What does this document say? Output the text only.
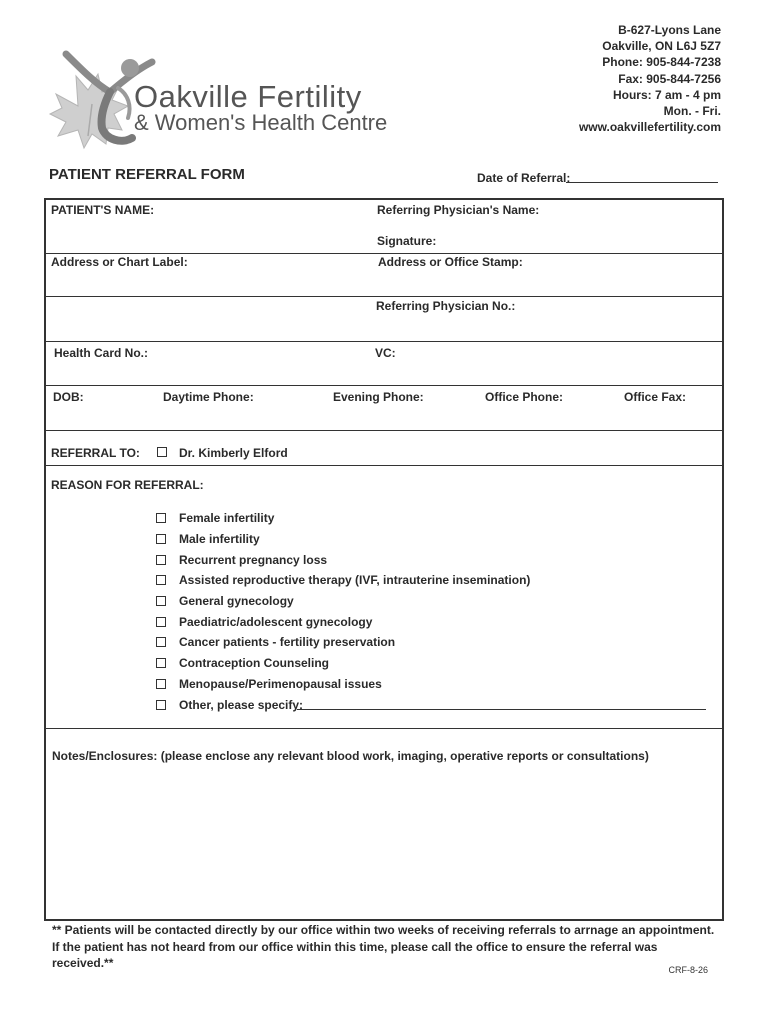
Oakville Fertility
& Women's Health Centre
B-627-Lyons Lane
Oakville, ON L6J 5Z7
Phone: 905-844-7238
Fax: 905-844-7256
Hours: 7 am - 4 pm
Mon. - Fri.
www.oakvillefertility.com
PATIENT REFERRAL FORM	Date of Referral:
PATIENT'S NAME:	Referring Physician's Name:
Signature:
Address or Chart Label:	Address or Office Stamp:
Referring Physician No.:
Health Card No.:	VC:
DOB:	Daytime Phone:	Evening Phone:	Office Phone:	Office Fax:
REFERRAL TO:	Dr. Kimberly Elford
REASON FOR REFERRAL:
Female infertility
Male infertility
Recurrent pregnancy loss
Assisted reproductive therapy (IVF, intrauterine insemination)
General gynecology
Paediatric/adolescent gynecology
Cancer patients - fertility preservation
Contraception Counseling
Menopause/Perimenopausal issues
Other, please specify:
Notes/Enclosures: (please enclose any relevant blood work, imaging, operative reports or consultations)
** Patients will be contacted directly by our office within two weeks of receiving referrals to arrnage an appointment. If the patient has not heard from our office within this time, please call the office to ensure the referral was received.**	CRF-8-26
